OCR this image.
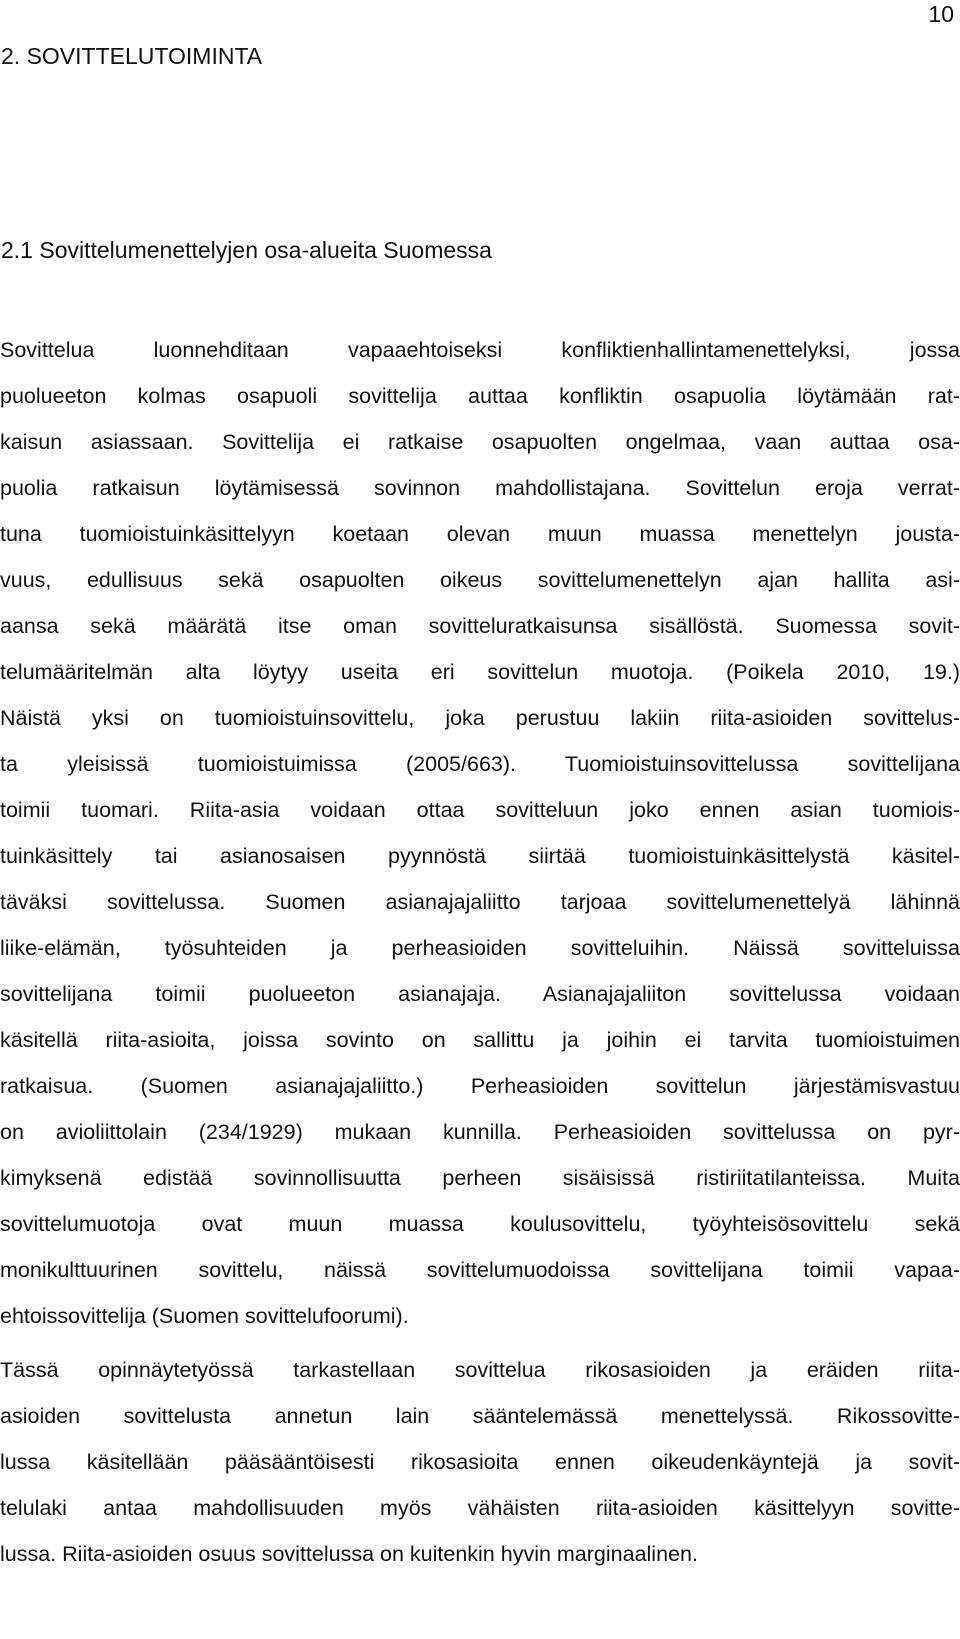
10
2. SOVITTELUTOIMINTA
2.1 Sovittelumenettelyjen osa-alueita Suomessa
Sovittelua luonnehditaan vapaaehtoiseksi konfliktienhallintamenettelyksi, jossa
puolueeton kolmas osapuoli sovittelija auttaa konfliktin osapuolia löytämään rat-
kaisun asiassaan. Sovittelija ei ratkaise osapuolten ongelmaa, vaan auttaa osa-
puolia ratkaisun löytämisessä sovinnon mahdollistajana. Sovittelun eroja verrat-
tuna tuomioistuinkäsittelyyn koetaan olevan muun muassa menettelyn jousta-
vuus, edullisuus sekä osapuolten oikeus sovittelumenettelyn ajan hallita asi-
aansa sekä määrätä itse oman sovitteluratkaisunsa sisällöstä. Suomessa sovit-
telumääritelmän alta löytyy useita eri sovittelun muotoja. (Poikela 2010, 19.)
Näistä yksi on tuomioistuinsovittelu, joka perustuu lakiin riita-asioiden sovittelus-
ta yleisissä tuomioistuimissa (2005/663). Tuomioistuinsovittelussa sovittelijana
toimii tuomari. Riita-asia voidaan ottaa sovitteluun joko ennen asian tuomiois-
tuinkäsittely tai asianosaisen pyynnöstä siirtää tuomioistuinkäsittelystä käsitel-
täväksi sovittelussa. Suomen asianajajaliitto tarjoaa sovittelumenettelyä lähinnä
liike-elämän, työsuhteiden ja perheasioiden sovitteluihin. Näissä sovitteluissa
sovittelijana toimii puolueeton asianajaja. Asianajajaliiton sovittelussa voidaan
käsitellä riita-asioita, joissa sovinto on sallittu ja joihin ei tarvita tuomioistuimen
ratkaisua. (Suomen asianajajaliitto.) Perheasioiden sovittelun järjestämisvastuu
on avioliittolain (234/1929) mukaan kunnilla. Perheasioiden sovittelussa on pyr-
kimyksenä edistää sovinnollisuutta perheen sisäisissä ristiriitatilanteissa. Muita
sovittelumuotoja ovat muun muassa koulusovittelu, työyhteisösovittelu sekä
monikulttuurinen sovittelu, näissä sovittelumuodoissa sovittelijana toimii vapaa-
ehtoissovittelija (Suomen sovittelufoorumi).
Tässä opinnäytetyössä tarkastellaan sovittelua rikosasioiden ja eräiden riita-
asioiden sovittelusta annetun lain sääntelemässä menettelyssä. Rikossovitte-
lussa käsitellään pääsääntöisesti rikosasioita ennen oikeudenkäyntejä ja sovit-
telulaki antaa mahdollisuuden myös vähäisten riita-asioiden käsittelyyn sovitte-
lussa. Riita-asioiden osuus sovittelussa on kuitenkin hyvin marginaalinen.
